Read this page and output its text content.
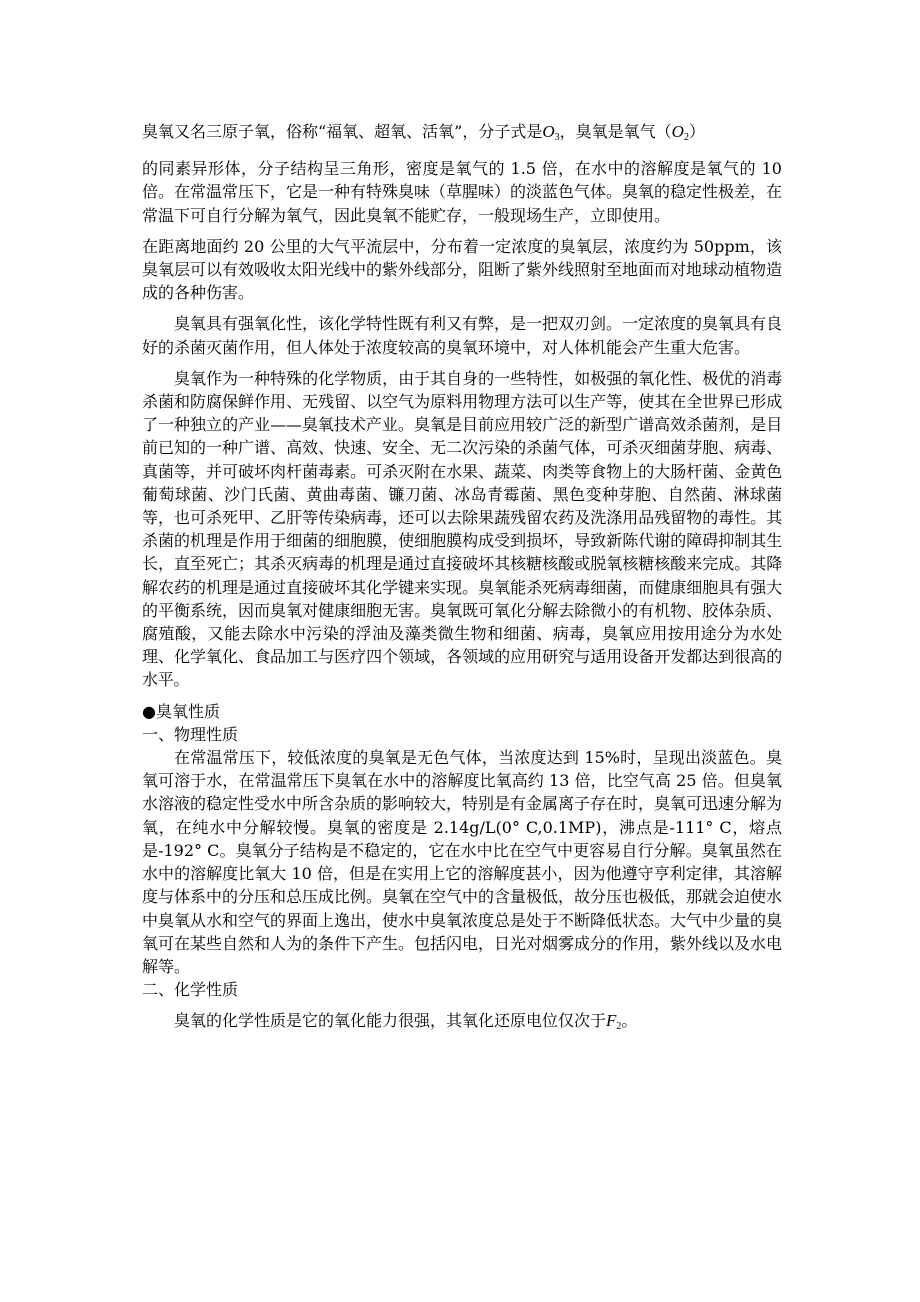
臭氧又名三原子氧，俗称“福氧、超氧、活氧”，分子式是$O_3$，臭氧是氧气$(O_2)$

的同素异形体，分子结构呈三角形，密度是氧气的 1.5 倍，在水中的溶解度是氧气的 10 倍。在常温常压下，它是一种有特殊臭味（草腥味）的淡蓝色气体。臭氧的稳定性极差，在常温下可自行分解为氧气，因此臭氧不能贮存，一般现场生产，立即使用。

在距离地面约 20 公里的大气平流层中，分布着一定浓度的臭氧层，浓度约为 50ppm，该臭氧层可以有效吸收太阳光线中的紫外线部分，阻断了紫外线照射至地面而对地球动植物造成的各种伤害。

臭氧具有强氧化性，该化学特性既有利又有弊，是一把双刃剑。一定浓度的臭氧具有良好的杀菌灭菌作用，但人体处于浓度较高的臭氧环境中，对人体机能会产生重大危害。

臭氧作为一种特殊的化学物质，由于其自身的一些特性，如极强的氧化性、极优的消毒杀菌和防腐保鲜作用、无残留、以空气为原料用物理方法可以生产等，使其在全世界已形成了一种独立的产业——臭氧技术产业。臭氧是目前应用较广泛的新型广谱高效杀菌剂，是目前已知的一种广谱、高效、快速、安全、无二次污染的杀菌气体，可杀灭细菌芽胞、病毒、真菌等，并可破坏肉杆菌毒素。可杀灭附在水果、蔬菜、肉类等食物上的大肠杆菌、金黄色葡萄球菌、沙门氏菌、黄曲毒菌、镰刀菌、冰岛青霉菌、黑色变种芽胞、自然菌、淋球菌等，也可杀死甲、乙肝等传染病毒，还可以去除果蔬残留农药及洗涤用品残留物的毒性。其杀菌的机理是作用于细菌的细胞膜，使细胞膜构成受到损坏，导致新陈代谢的障碍抑制其生长，直至死亡；其杀灭病毒的机理是通过直接破坏其核糖核酸或脱氧核糖核酸来完成。其降解农药的机理是通过直接破坏其化学键来实现。臭氧能杀死病毒细菌，而健康细胞具有强大的平衡系统，因而臭氧对健康细胞无害。臭氧既可氧化分解去除微小的有机物、胶体杂质、腐殖酸，又能去除水中污染的浮油及藻类微生物和细菌、病毒，臭氧应用按用途分为水处理、化学氧化、食品加工与医疗四个领域，各领域的应用研究与适用设备开发都达到很高的水平。

●臭氧性质

一、物理性质

在常温常压下，较低浓度的臭氧是无色气体，当浓度达到 15%时，呈现出淡蓝色。臭氧可溶于水，在常温常压下臭氧在水中的溶解度比氧高约 13 倍，比空气高 25 倍。但臭氧水溶液的稳定性受水中所含杂质的影响较大，特别是有金属离子存在时，臭氧可迅速分解为氧，在纯水中分解较慢。臭氧的密度是 2.14g/L(0° C,0.1MP)，沸点是-111° C，熔点是-192° C。臭氧分子结构是不稳定的，它在水中比在空气中更容易自行分解。臭氧虽然在水中的溶解度比氧大 10 倍，但是在实用上它的溶解度甚小，因为他遵守亨利定律，其溶解度与体系中的分压和总压成比例。臭氧在空气中的含量极低，故分压也极低，那就会迫使水中臭氧从水和空气的界面上逸出，使水中臭氧浓度总是处于不断降低状态。大气中少量的臭氧可在某些自然和人为的条件下产生。包括闪电，日光对烟雾成分的作用，紫外线以及水电解等。

二、化学性质

臭氧的化学性质是它的氧化能力很强，其氧化还原电位仅次于$F_2$。
